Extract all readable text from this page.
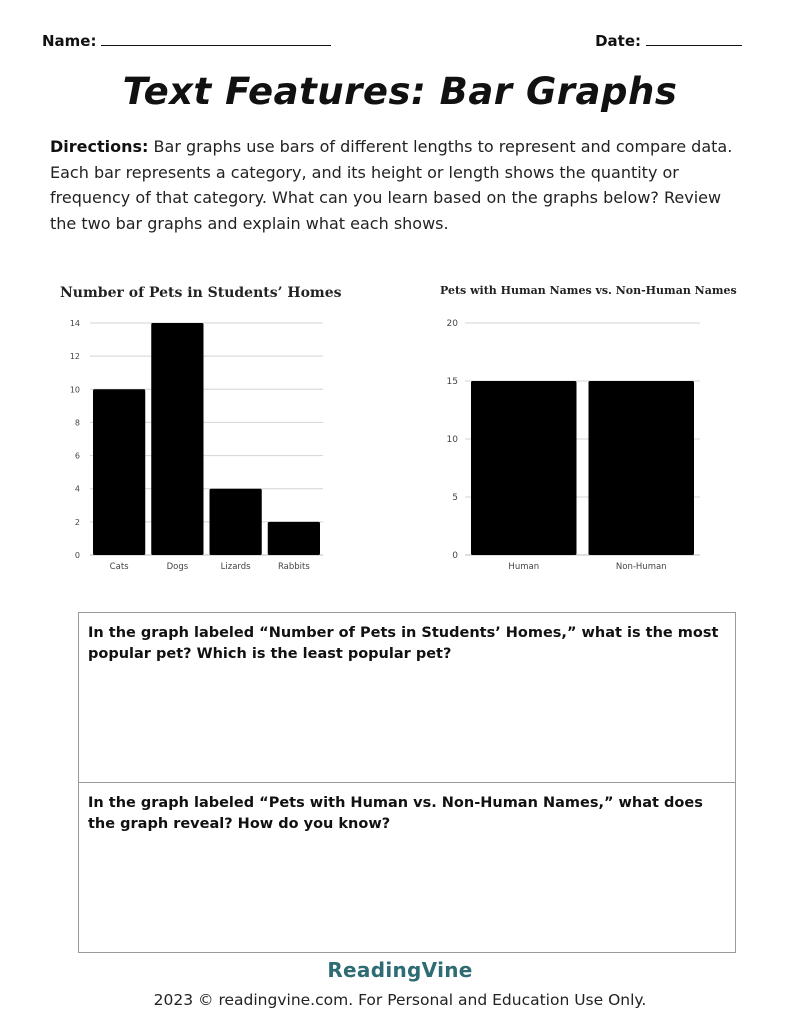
Name:	Date:
Text Features: Bar Graphs
Directions: Bar graphs use bars of different lengths to represent and compare data. Each bar represents a category, and its height or length shows the quantity or frequency of that category. What can you learn based on the graphs below? Review the two bar graphs and explain what each shows.
Number of Pets in Students’ Homes
0
2
4
6
8
10
12
14
Cats	Dogs	Lizards	Rabbits
Pets with Human Names vs. Non-Human Names
0
5
10
15
20
Human	Non-Human
In the graph labeled “Number of Pets in Students’ Homes,” what is the most popular pet? Which is the least popular pet?
In the graph labeled “Pets with Human vs. Non-Human Names,” what does the graph reveal? How do you know?
ReadingVine
2023 © readingvine.com. For Personal and Education Use Only.
